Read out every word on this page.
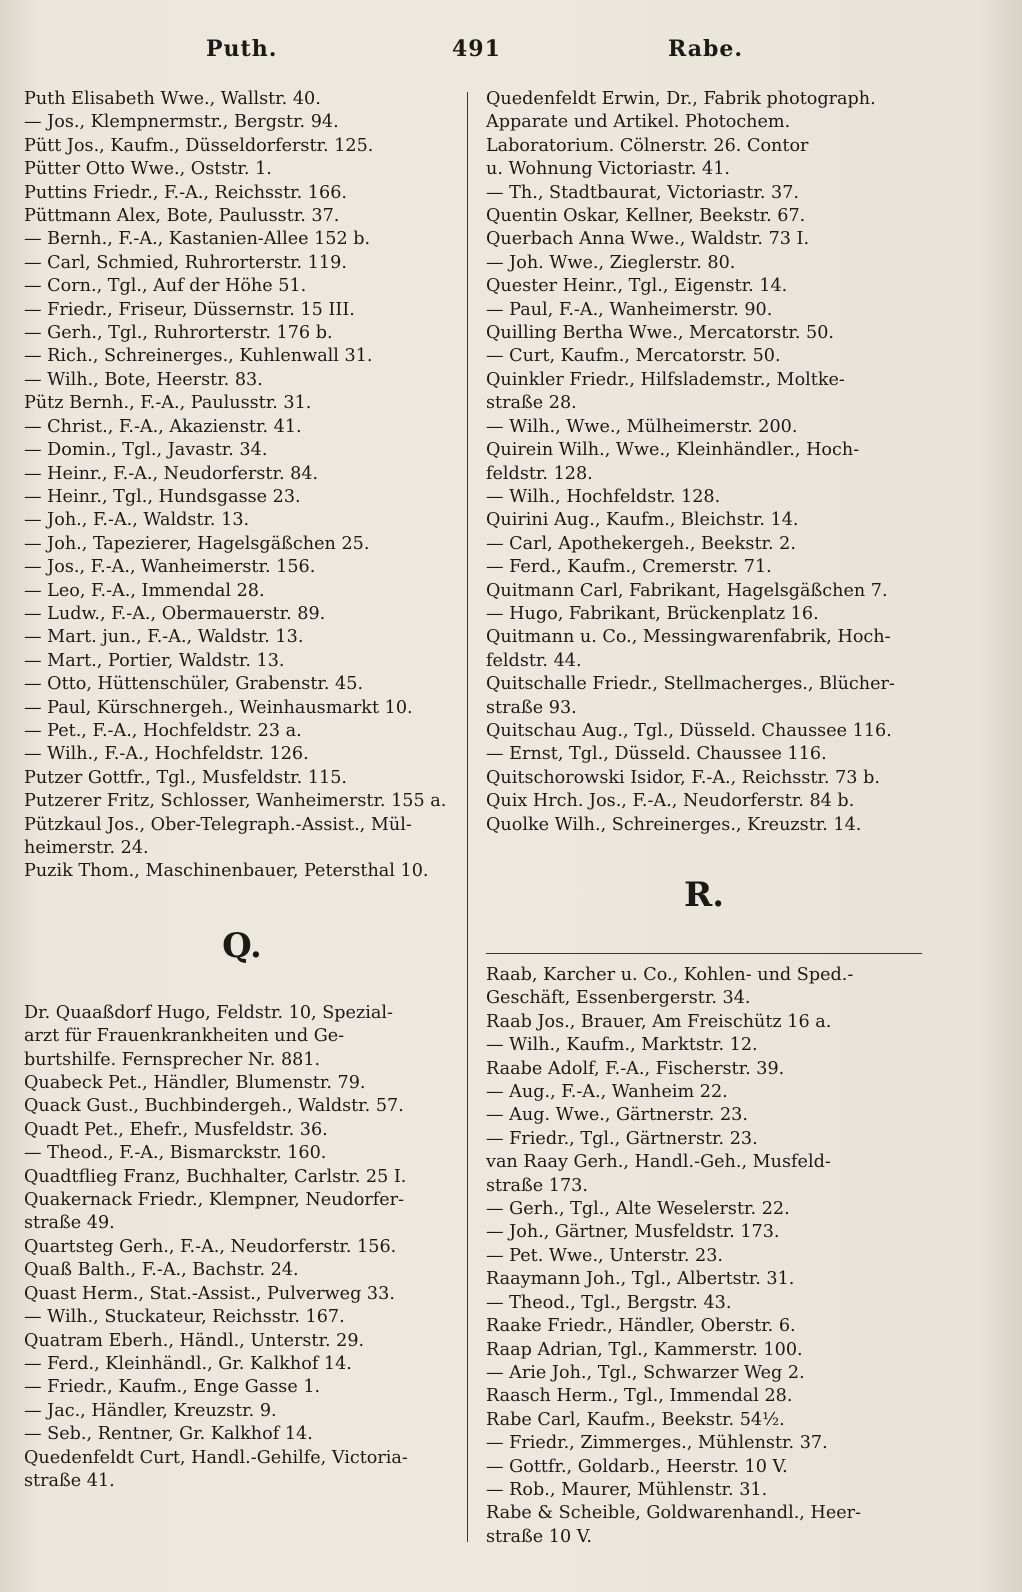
Puth.	491	Rabe.
Puth Elisabeth Wwe., Wallstr. 40.
— Jos., Klempnermstr., Bergstr. 94.
Pütt Jos., Kaufm., Düsseldorferstr. 125.
Pütter Otto Wwe., Oststr. 1.
Puttins Friedr., F.-A., Reichsstr. 166.
Püttmann Alex, Bote, Paulusstr. 37.
— Bernh., F.-A., Kastanien-Allee 152 b.
— Carl, Schmied, Ruhrorterstr. 119.
— Corn., Tgl., Auf der Höhe 51.
— Friedr., Friseur, Düssernstr. 15 III.
— Gerh., Tgl., Ruhrorterstr. 176 b.
— Rich., Schreinerges., Kuhlenwall 31.
— Wilh., Bote, Heerstr. 83.
Pütz Bernh., F.-A., Paulusstr. 31.
— Christ., F.-A., Akazienstr. 41.
— Domin., Tgl., Javastr. 34.
— Heinr., F.-A., Neudorferstr. 84.
— Heinr., Tgl., Hundsgasse 23.
— Joh., F.-A., Waldstr. 13.
— Joh., Tapezierer, Hagelsgäßchen 25.
— Jos., F.-A., Wanheimerstr. 156.
— Leo, F.-A., Immendal 28.
— Ludw., F.-A., Obermauerstr. 89.
— Mart. jun., F.-A., Waldstr. 13.
— Mart., Portier, Waldstr. 13.
— Otto, Hüttenschüler, Grabenstr. 45.
— Paul, Kürschnergeh., Weinhausmarkt 10.
— Pet., F.-A., Hochfeldstr. 23 a.
— Wilh., F.-A., Hochfeldstr. 126.
Putzer Gottfr., Tgl., Musfeldstr. 115.
Putzerer Fritz, Schlosser, Wanheimerstr. 155 a.
Pützkaul Jos., Ober-Telegraph.-Assist., Mül-
heimerstr. 24.
Puzik Thom., Maschinenbauer, Petersthal 10.
Q.
Dr. Quaaßdorf Hugo, Feldstr. 10, Spezial-
arzt für Frauenkrankheiten und Ge-
burtshilfe. Fernsprecher Nr. 881.
Quabeck Pet., Händler, Blumenstr. 79.
Quack Gust., Buchbindergeh., Waldstr. 57.
Quadt Pet., Ehefr., Musfeldstr. 36.
— Theod., F.-A., Bismarckstr. 160.
Quadtflieg Franz, Buchhalter, Carlstr. 25 I.
Quakernack Friedr., Klempner, Neudorfer-
straße 49.
Quartsteg Gerh., F.-A., Neudorferstr. 156.
Quaß Balth., F.-A., Bachstr. 24.
Quast Herm., Stat.-Assist., Pulverweg 33.
— Wilh., Stuckateur, Reichsstr. 167.
Quatram Eberh., Händl., Unterstr. 29.
— Ferd., Kleinhändl., Gr. Kalkhof 14.
— Friedr., Kaufm., Enge Gasse 1.
— Jac., Händler, Kreuzstr. 9.
— Seb., Rentner, Gr. Kalkhof 14.
Quedenfeldt Curt, Handl.-Gehilfe, Victoria-
straße 41.
Quedenfeldt Erwin, Dr., Fabrik photograph.
Apparate und Artikel. Photochem.
Laboratorium. Cölnerstr. 26. Contor
u. Wohnung Victoriastr. 41.
— Th., Stadtbaurat, Victoriastr. 37.
Quentin Oskar, Kellner, Beekstr. 67.
Querbach Anna Wwe., Waldstr. 73 I.
— Joh. Wwe., Zieglerstr. 80.
Quester Heinr., Tgl., Eigenstr. 14.
— Paul, F.-A., Wanheimerstr. 90.
Quilling Bertha Wwe., Mercatorstr. 50.
— Curt, Kaufm., Mercatorstr. 50.
Quinkler Friedr., Hilfslademstr., Moltke-
straße 28.
— Wilh., Wwe., Mülheimerstr. 200.
Quirein Wilh., Wwe., Kleinhändler., Hoch-
feldstr. 128.
— Wilh., Hochfeldstr. 128.
Quirini Aug., Kaufm., Bleichstr. 14.
— Carl, Apothekergeh., Beekstr. 2.
— Ferd., Kaufm., Cremerstr. 71.
Quitmann Carl, Fabrikant, Hagelsgäßchen 7.
— Hugo, Fabrikant, Brückenplatz 16.
Quitmann u. Co., Messingwarenfabrik, Hoch-
feldstr. 44.
Quitschalle Friedr., Stellmacherges., Blücher-
straße 93.
Quitschau Aug., Tgl., Düsseld. Chaussee 116.
— Ernst, Tgl., Düsseld. Chaussee 116.
Quitschorowski Isidor, F.-A., Reichsstr. 73 b.
Quix Hrch. Jos., F.-A., Neudorferstr. 84 b.
Quolke Wilh., Schreinerges., Kreuzstr. 14.
R.
Raab, Karcher u. Co., Kohlen- und Sped.-
Geschäft, Essenbergerstr. 34.
Raab Jos., Brauer, Am Freischütz 16 a.
— Wilh., Kaufm., Marktstr. 12.
Raabe Adolf, F.-A., Fischerstr. 39.
— Aug., F.-A., Wanheim 22.
— Aug. Wwe., Gärtnerstr. 23.
— Friedr., Tgl., Gärtnerstr. 23.
van Raay Gerh., Handl.-Geh., Musfeld-
straße 173.
— Gerh., Tgl., Alte Weselerstr. 22.
— Joh., Gärtner, Musfeldstr. 173.
— Pet. Wwe., Unterstr. 23.
Raaymann Joh., Tgl., Albertstr. 31.
— Theod., Tgl., Bergstr. 43.
Raake Friedr., Händler, Oberstr. 6.
Raap Adrian, Tgl., Kammerstr. 100.
— Arie Joh., Tgl., Schwarzer Weg 2.
Raasch Herm., Tgl., Immendal 28.
Rabe Carl, Kaufm., Beekstr. 54½.
— Friedr., Zimmerges., Mühlenstr. 37.
— Gottfr., Goldarb., Heerstr. 10 V.
— Rob., Maurer, Mühlenstr. 31.
Rabe & Scheible, Goldwarenhandl., Heer-
straße 10 V.
